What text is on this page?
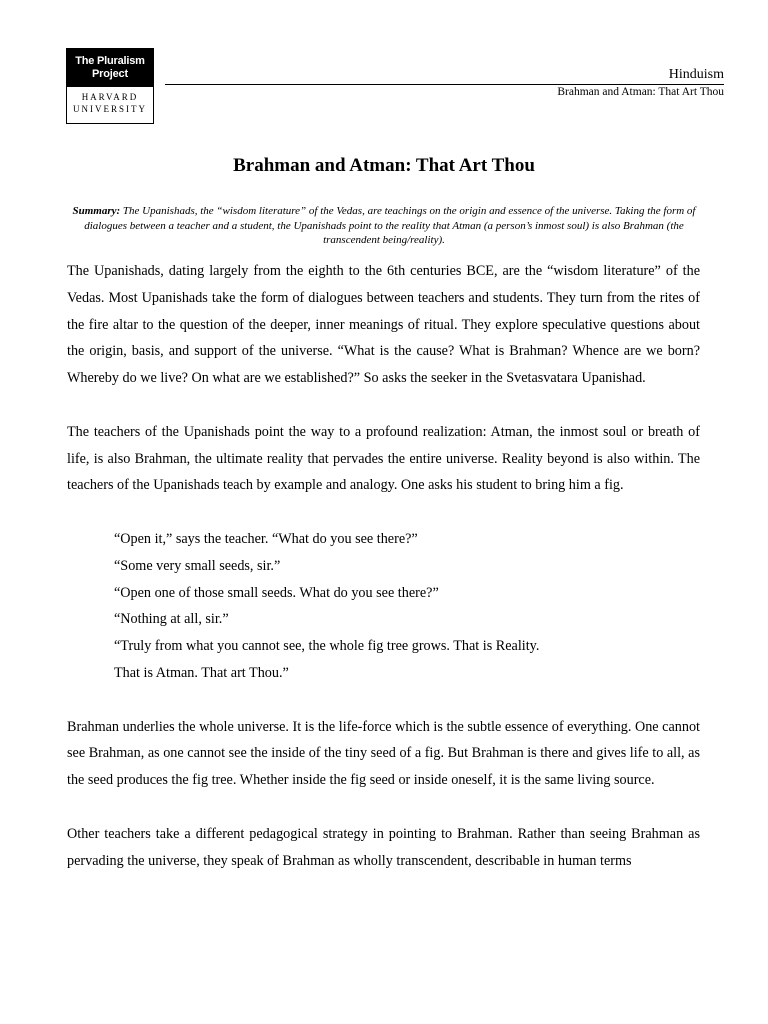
The Pluralism
Project
HARVARD
UNIVERSITY
Hinduism
Brahman and Atman: That Art Thou
Brahman and Atman: That Art Thou
Summary: The Upanishads, the “wisdom literature” of the Vedas, are teachings on the origin and essence of the universe. Taking the form of dialogues between a teacher and a student, the Upanishads point to the reality that Atman (a person’s inmost soul) is also Brahman (the transcendent being/reality).

The Upanishads, dating largely from the eighth to the 6th centuries BCE, are the “wisdom literature” of the Vedas. Most Upanishads take the form of dialogues between teachers and students. They turn from the rites of the fire altar to the question of the deeper, inner meanings of ritual. They explore speculative questions about the origin, basis, and support of the universe. “What is the cause? What is Brahman? Whence are we born? Whereby do we live? On what are we established?” So asks the seeker in the Svetasvatara Upanishad.

The teachers of the Upanishads point the way to a profound realization: Atman, the inmost soul or breath of life, is also Brahman, the ultimate reality that pervades the entire universe. Reality beyond is also within. The teachers of the Upanishads teach by example and analogy. One asks his student to bring him a fig.

“Open it,” says the teacher. “What do you see there?”
“Some very small seeds, sir.”
“Open one of those small seeds. What do you see there?”
“Nothing at all, sir.”
“Truly from what you cannot see, the whole fig tree grows. That is Reality.
That is Atman. That art Thou.”

Brahman underlies the whole universe. It is the life-force which is the subtle essence of everything. One cannot see Brahman, as one cannot see the inside of the tiny seed of a fig. But Brahman is there and gives life to all, as the seed produces the fig tree. Whether inside the fig seed or inside oneself, it is the same living source.

Other teachers take a different pedagogical strategy in pointing to Brahman. Rather than seeing Brahman as pervading the universe, they speak of Brahman as wholly transcendent, describable in human terms
